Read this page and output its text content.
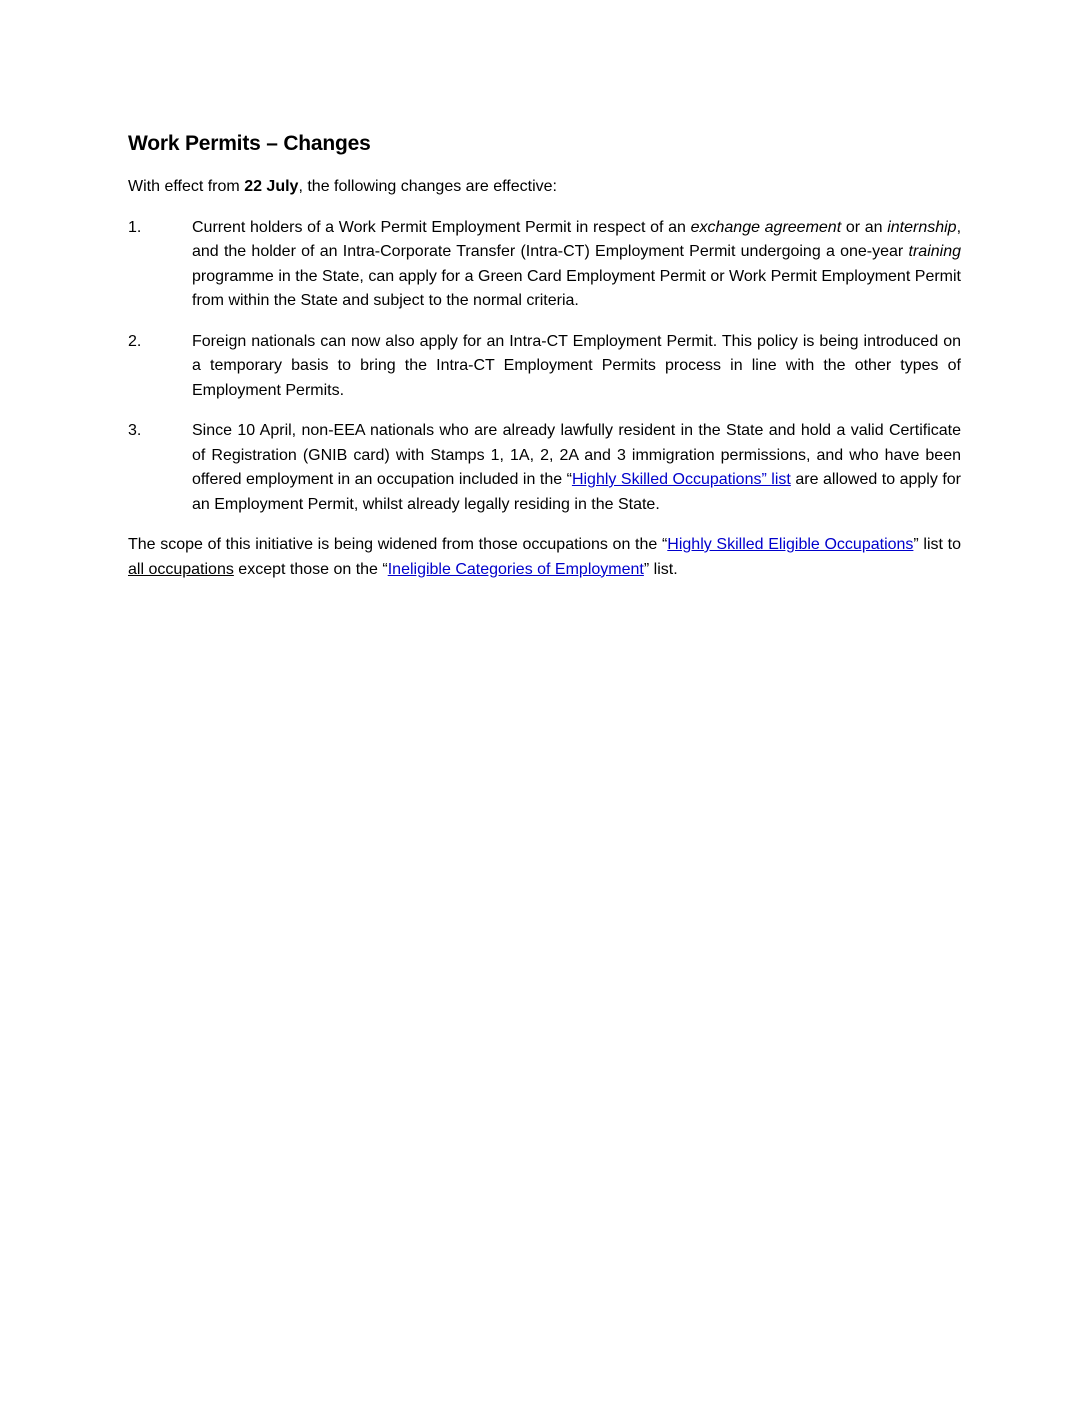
Work Permits – Changes

With effect from 22 July, the following changes are effective:

1.	Current holders of a Work Permit Employment Permit in respect of an exchange agreement or an internship, and the holder of an Intra-Corporate Transfer (Intra-CT) Employment Permit undergoing a one-year training programme in the State, can apply for a Green Card Employment Permit or Work Permit Employment Permit from within the State and subject to the normal criteria.

2.	Foreign nationals can now also apply for an Intra-CT Employment Permit. This policy is being introduced on a temporary basis to bring the Intra-CT Employment Permits process in line with the other types of Employment Permits.

3.	Since 10 April, non-EEA nationals who are already lawfully resident in the State and hold a valid Certificate of Registration (GNIB card) with Stamps 1, 1A, 2, 2A and 3 immigration permissions, and who have been offered employment in an occupation included in the “Highly Skilled Occupations” list are allowed to apply for an Employment Permit, whilst already legally residing in the State.

The scope of this initiative is being widened from those occupations on the “Highly Skilled Eligible Occupations” list to all occupations except those on the “Ineligible Categories of Employment” list.
